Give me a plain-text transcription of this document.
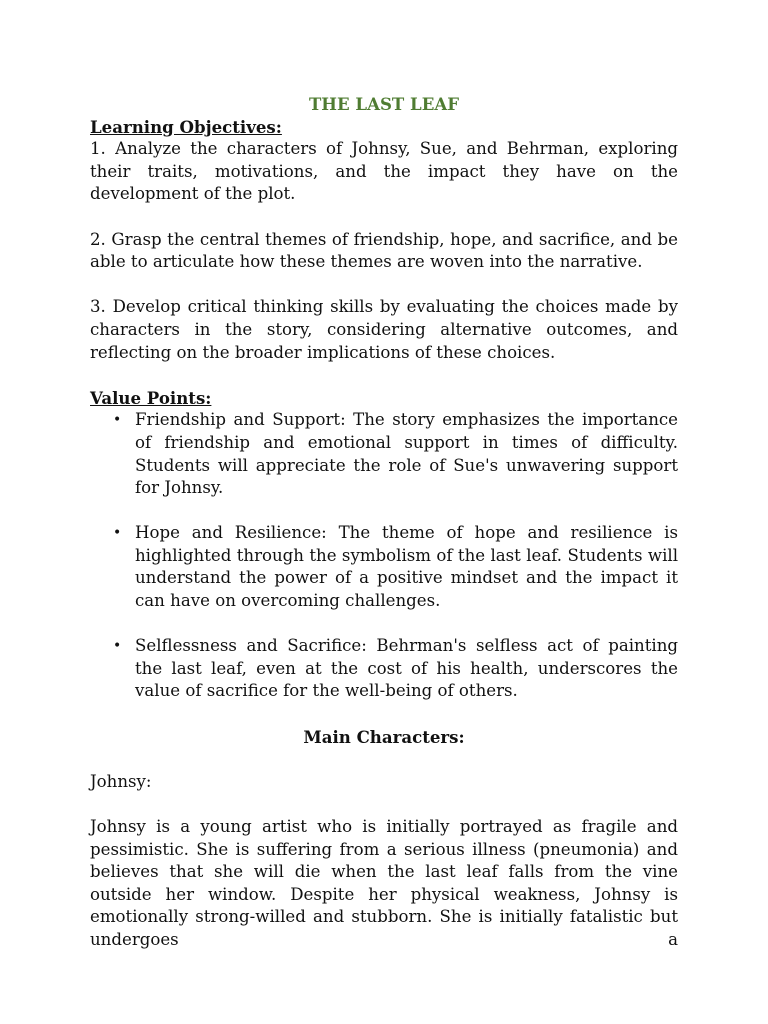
THE LAST LEAF

Learning Objectives:

1. Analyze the characters of Johnsy, Sue, and Behrman, exploring their traits, motivations, and the impact they have on the development of the plot.

2. Grasp the central themes of friendship, hope, and sacrifice, and be able to articulate how these themes are woven into the narrative.

3. Develop critical thinking skills by evaluating the choices made by characters in the story, considering alternative outcomes, and reflecting on the broader implications of these choices.

Value Points:

• Friendship and Support: The story emphasizes the importance of friendship and emotional support in times of difficulty. Students will appreciate the role of Sue's unwavering support for Johnsy.
• Hope and Resilience: The theme of hope and resilience is highlighted through the symbolism of the last leaf. Students will understand the power of a positive mindset and the impact it can have on overcoming challenges.
• Selflessness and Sacrifice: Behrman's selfless act of painting the last leaf, even at the cost of his health, underscores the value of sacrifice for the well-being of others.

Main Characters:

Johnsy:

Johnsy is a young artist who is initially portrayed as fragile and pessimistic. She is suffering from a serious illness (pneumonia) and believes that she will die when the last leaf falls from the vine outside her window. Despite her physical weakness, Johnsy is emotionally strong-willed and stubborn. She is initially fatalistic but undergoes a
